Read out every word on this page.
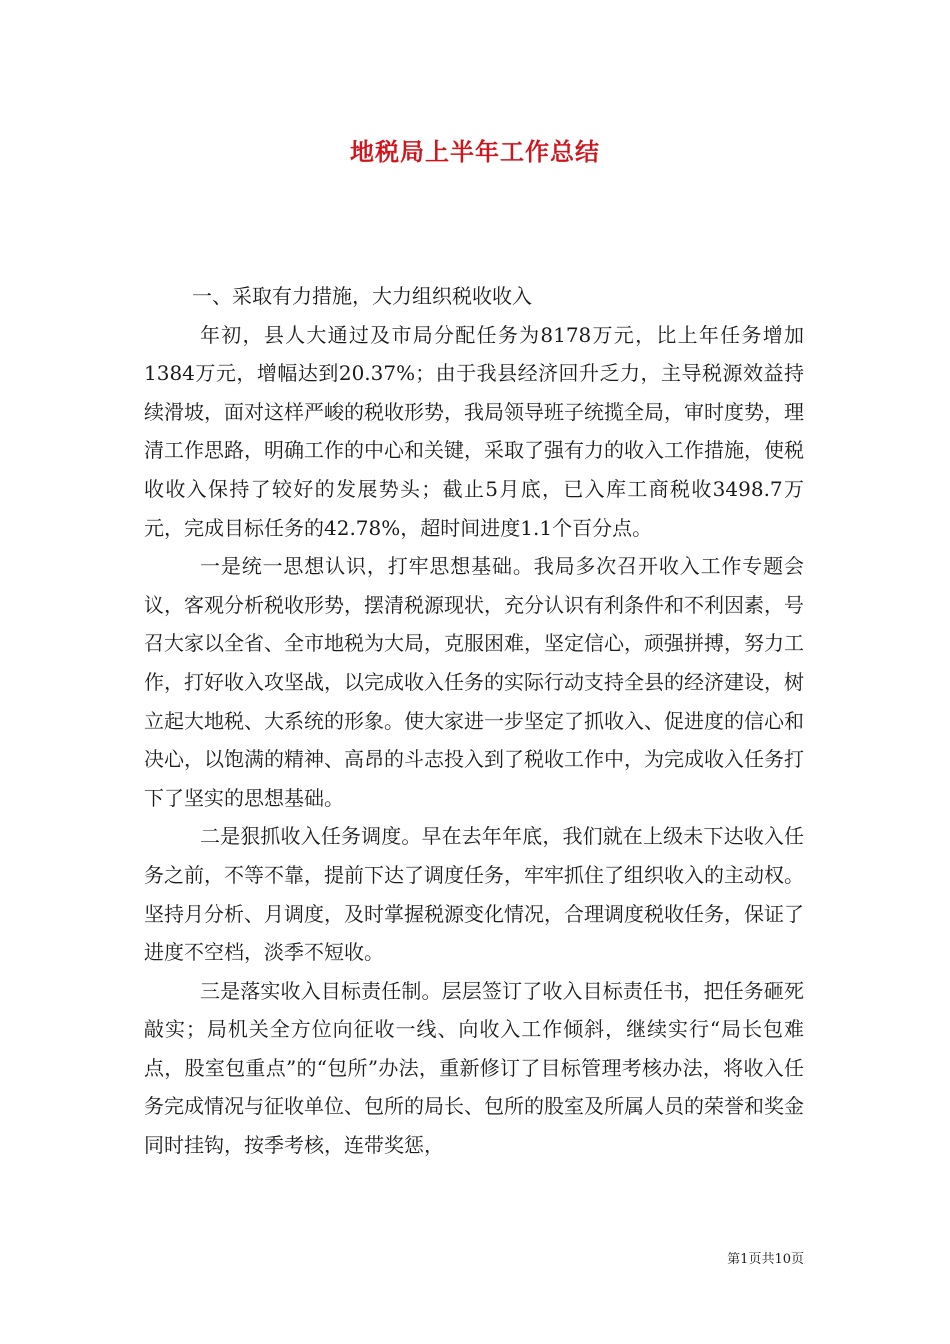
地税局上半年工作总结

一、采取有力措施，大力组织税收收入

年初，县人大通过及市局分配任务为8178万元，比上年任务增加1384万元，增幅达到20.37%；由于我县经济回升乏力，主导税源效益持续滑坡，面对这样严峻的税收形势，我局领导班子统揽全局，审时度势，理清工作思路，明确工作的中心和关键，采取了强有力的收入工作措施，使税收收入保持了较好的发展势头；截止5月底，已入库工商税收3498.7万元，完成目标任务的42.78%，超时间进度1.1个百分点。

一是统一思想认识，打牢思想基础。我局多次召开收入工作专题会议，客观分析税收形势，摆清税源现状，充分认识有利条件和不利因素，号召大家以全省、全市地税为大局，克服困难，坚定信心，顽强拼搏，努力工作，打好收入攻坚战，以完成收入任务的实际行动支持全县的经济建设，树立起大地税、大系统的形象。使大家进一步坚定了抓收入、促进度的信心和决心，以饱满的精神、高昂的斗志投入到了税收工作中，为完成收入任务打下了坚实的思想基础。

二是狠抓收入任务调度。早在去年年底，我们就在上级未下达收入任务之前，不等不靠，提前下达了调度任务，牢牢抓住了组织收入的主动权。坚持月分析、月调度，及时掌握税源变化情况，合理调度税收任务，保证了进度不空档，淡季不短收。

三是落实收入目标责任制。层层签订了收入目标责任书，把任务砸死敲实；局机关全方位向征收一线、向收入工作倾斜，继续实行“局长包难点，股室包重点”的“包所”办法，重新修订了目标管理考核办法，将收入任务完成情况与征收单位、包所的局长、包所的股室及所属人员的荣誉和奖金同时挂钩，按季考核，连带奖惩，

第1页共10页
